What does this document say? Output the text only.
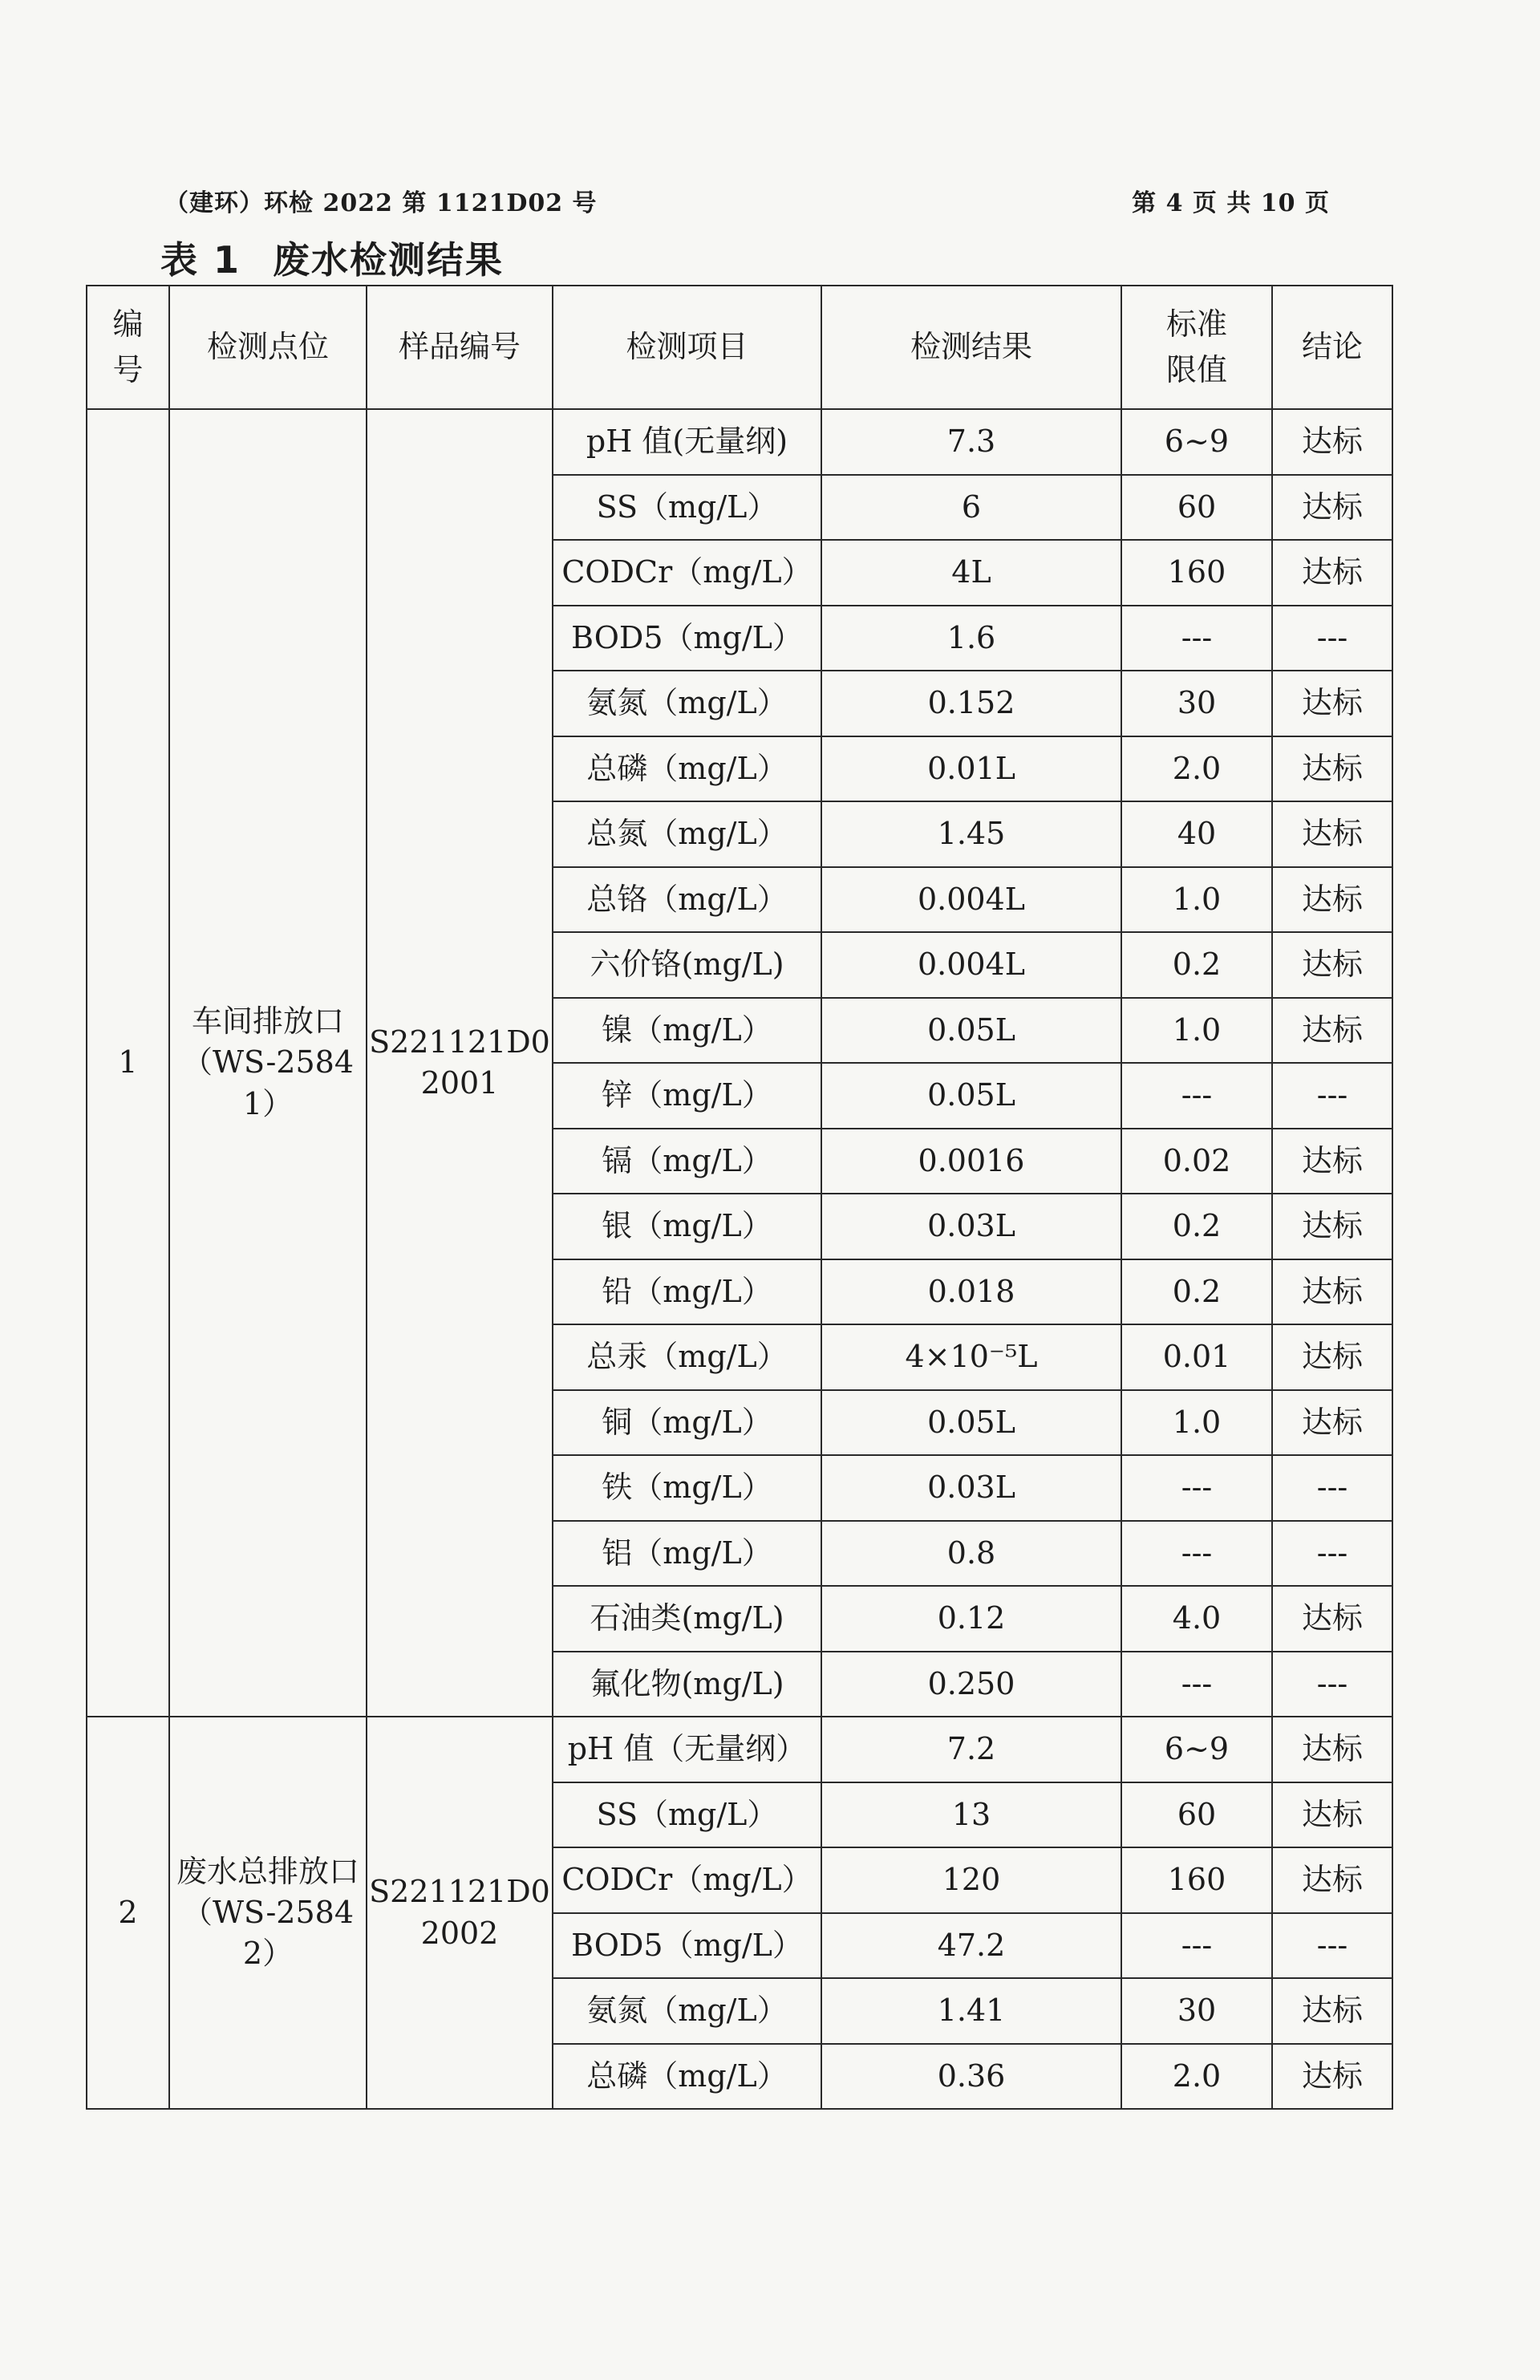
（建环）环检 2022 第 1121D02 号	第 4 页 共 10 页
表 1 废水检测结果
编号	检测点位	样品编号	检测项目	检测结果	标准限值	结论
1	车间排放口（WS-25841）	S221121D02001	pH 值(无量纲)	7.3	6~9	达标
			SS（mg/L）	6	60	达标
			CODCr（mg/L）	4L	160	达标
			BOD5（mg/L）	1.6	---	---
			氨氮（mg/L）	0.152	30	达标
			总磷（mg/L）	0.01L	2.0	达标
			总氮（mg/L）	1.45	40	达标
			总铬（mg/L）	0.004L	1.0	达标
			六价铬(mg/L)	0.004L	0.2	达标
			镍（mg/L）	0.05L	1.0	达标
			锌（mg/L）	0.05L	---	---
			镉（mg/L）	0.0016	0.02	达标
			银（mg/L）	0.03L	0.2	达标
			铅（mg/L）	0.018	0.2	达标
			总汞（mg/L）	4×10⁻⁵L	0.01	达标
			铜（mg/L）	0.05L	1.0	达标
			铁（mg/L）	0.03L	---	---
			铝（mg/L）	0.8	---	---
			石油类(mg/L)	0.12	4.0	达标
			氟化物(mg/L)	0.250	---	---
2	废水总排放口（WS-25842）	S221121D02002	pH 值（无量纲）	7.2	6~9	达标
			SS（mg/L）	13	60	达标
			CODCr（mg/L）	120	160	达标
			BOD5（mg/L）	47.2	---	---
			氨氮（mg/L）	1.41	30	达标
			总磷（mg/L）	0.36	2.0	达标
